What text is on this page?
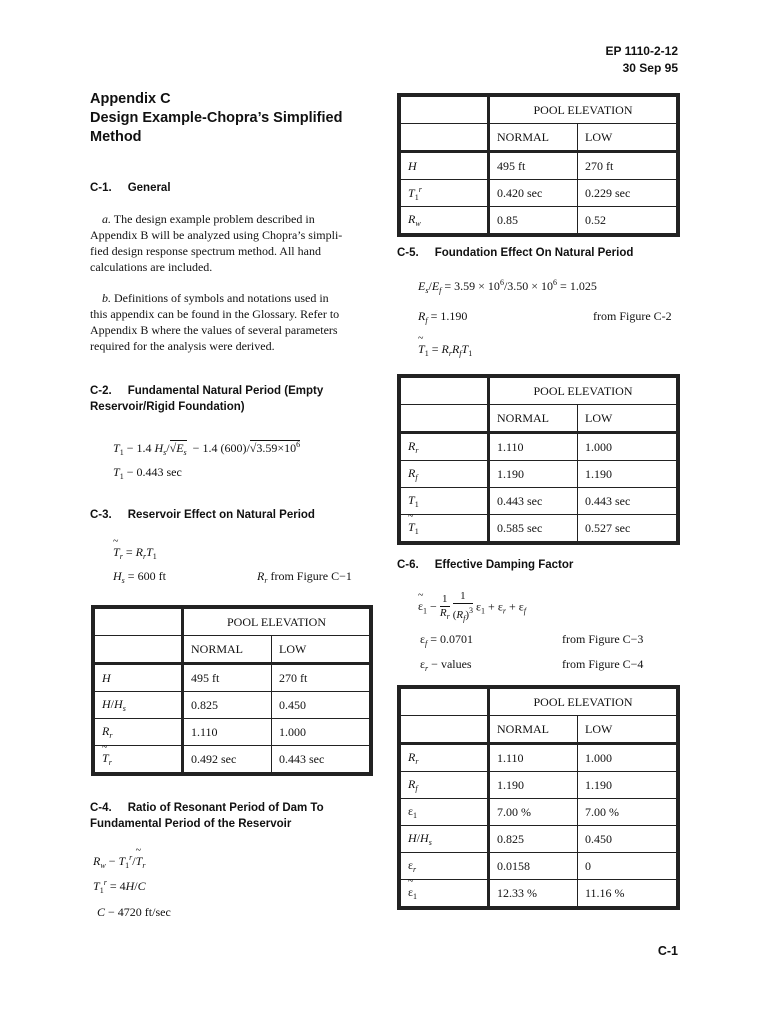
EP 1110-2-12
30 Sep 95
Appendix C
Design Example-Chopra’s Simplified
Method
C-1.     General
a. The design example problem described in
Appendix B will be analyzed using Chopra’s simpli-
fied design response spectrum method. All hand
calculations are included.
b. Definitions of symbols and notations used in
this appendix can be found in the Glossary. Refer to
Appendix B where the values of several parameters
required for the analysis were derived.
C-2.     Fundamental Natural Period (Empty
Reservoir/Rigid Foundation)
$T_1 - 1.4$ $H_s/√E_s - 1.4$ $(600)/√3.59\times 10^6$
$T_1 - 0.443$ sec
C-3.     Reservoir Effect on Natural Period
~ $T_r = R_rT_1$
$H_s = 600$ ft	$R_r$ from Figure C−1
	POOL ELEVATION	
	NORMAL	LOW
H	495 ft	270 ft
$H/H_s$	0.825	0.450
$R_r$	1.110	1.000
~ $T_r$	0.492 sec	0.443 sec
C-4.     Ratio of Resonant Period of Dam To
Fundamental Period of the Reservoir
$R_w$ − $T_1^r/\sim$ $T_r$
$T_1^r = 4H/C$
C − 4720 ft/sec
	POOL ELEVATION	
	NORMAL	LOW
H	495 ft	270 ft
$T_1^r$	0.420 sec	0.229 sec
$R_w$	0.85	0.52
C-5.     Foundation Effect On Natural Period
$E_s/E_f = 3.59 \times 10^6/3.50 \times 10^6 = 1.025$
$R_f = 1.190$	from Figure C-2
~ $T_1 = R_rR_fT_1$
	POOL ELEVATION	
	NORMAL	LOW
$R_r$	1.110	1.000
$R_f$	1.190	1.190
$T_1$	0.443 sec	0.443 sec
~ $T_1$	0.585 sec	0.527 sec
C-6.     Effective Damping Factor
~ $\varepsilon_1 - \frac{1}{R_r}$
$\frac{1}{(R_f)^3} \varepsilon_1 + \varepsilon_r + \varepsilon_f$
$\varepsilon_f = 0.0701$	from Figure C−3
$\varepsilon_r$ − values	from Figure C−4
	POOL ELEVATION	
	NORMAL	LOW
$R_r$	1.110	1.000
$R_f$	1.190	1.190
$\varepsilon_1$	7.00 %	7.00 %
$H/H_s$	0.825	0.450
$\varepsilon_r$	0.0158	0
~ $\varepsilon_1$	12.33 %	11.16 %
C-1
